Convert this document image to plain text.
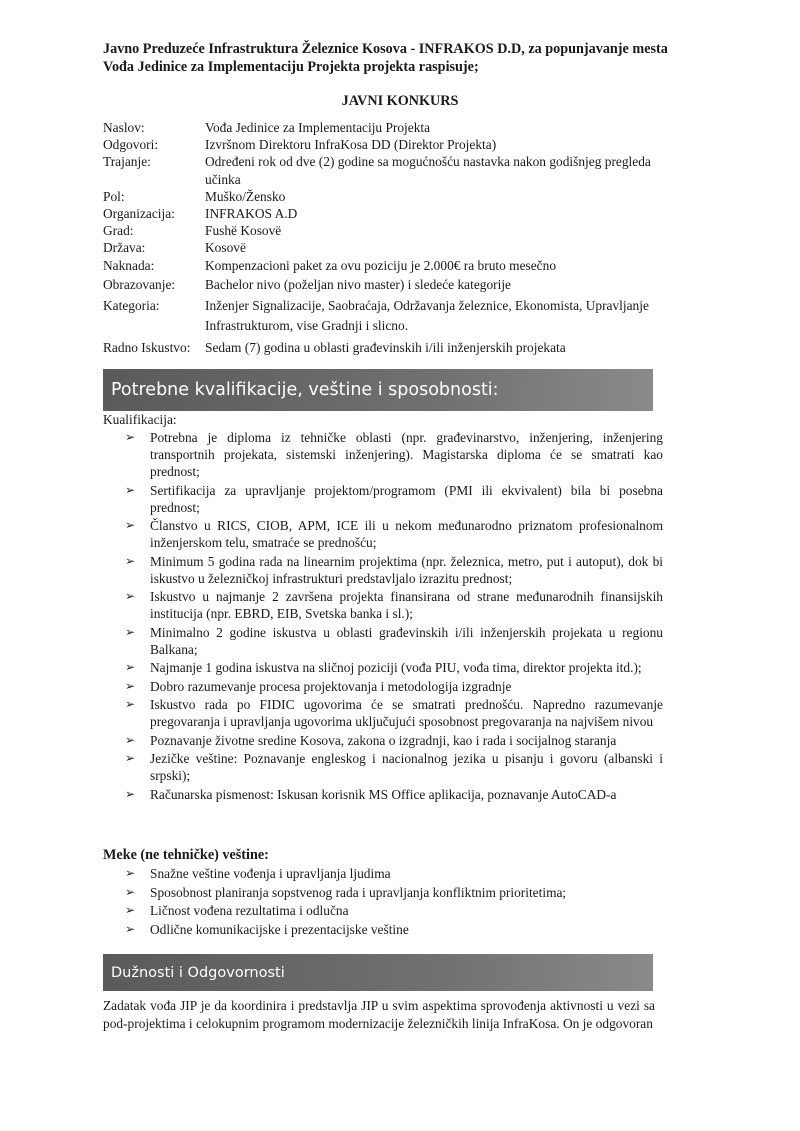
Javno Preduzeće Infrastruktura Železnice Kosova - INFRAKOS D.D, za popunjavanje mesta Vođa Jedinice za Implementaciju Projekta projekta raspisuje;
JAVNI KONKURS
Naslov:	Vođa Jedinice za Implementaciju Projekta
Odgovori:	Izvršnom Direktoru InfraKosa DD (Direktor Projekta)
Trajanje:	Određeni rok od dve (2) godine sa mogućnošću nastavka nakon godišnjeg pregleda učinka
Pol:	Muško/Žensko
Organizacija:	INFRAKOS A.D
Grad:	Fushë Kosovë
Država:	Kosovë
Naknada:	Kompenzacioni paket za ovu poziciju je 2.000€ ra bruto mesečno
Obrazovanje:	Bachelor nivo (poželjan nivo master) i sledeće kategorije
Kategoria:	Inženjer Signalizacije, Saobraćaja, Održavanja železnice, Ekonomista, Upravljanje Infrastrukturom, vise Gradnji i slicno.
Radno Iskustvo:	Sedam (7) godina u oblasti građevinskih i/ili inženjerskih projekata
Potrebne kvalifikacije, veštine i sposobnosti:
Kualifikacija:
➢ Potrebna je diploma iz tehničke oblasti (npr. građevinarstvo, inženjering, inženjering transportnih projekata, sistemski inženjering). Magistarska diploma će se smatrati kao prednost;
➢ Sertifikacija za upravljanje projektom/programom (PMI ili ekvivalent) bila bi posebna prednost;
➢ Članstvo u RICS, CIOB, APM, ICE ili u nekom međunarodno priznatom profesionalnom inženjerskom telu, smatraće se prednošću;
➢ Minimum 5 godina rada na linearnim projektima (npr. železnica, metro, put i autoput), dok bi iskustvo u železničkoj infrastrukturi predstavljalo izrazitu prednost;
➢ Iskustvo u najmanje 2 završena projekta finansirana od strane međunarodnih finansijskih institucija (npr. EBRD, EIB, Svetska banka i sl.);
➢ Minimalno 2 godine iskustva u oblasti građevinskih i/ili inženjerskih projekata u regionu Balkana;
➢ Najmanje 1 godina iskustva na sličnoj poziciji (vođa PIU, vođa tima, direktor projekta itd.);
➢ Dobro razumevanje procesa projektovanja i metodologija izgradnje
➢ Iskustvo rada po FIDIC ugovorima će se smatrati prednošću. Napredno razumevanje pregovaranja i upravljanja ugovorima uključujući sposobnost pregovaranja na najvišem nivou
➢ Poznavanje životne sredine Kosova, zakona o izgradnji, kao i rada i socijalnog staranja
➢ Jezičke veštine: Poznavanje engleskog i nacionalnog jezika u pisanju i govoru (albanski i srpski);
➢ Računarska pismenost: Iskusan korisnik MS Office aplikacija, poznavanje AutoCAD-a
Meke (ne tehničke) veštine:
➢ Snažne veštine vođenja i upravljanja ljudima
➢ Sposobnost planiranja sopstvenog rada i upravljanja konfliktnim prioritetima;
➢ Ličnost vođena rezultatima i odlučna
➢ Odlične komunikacijske i prezentacijske veštine
Dužnosti i Odgovornosti
Zadatak vođa JIP je da koordinira i predstavlja JIP u svim aspektima sprovođenja aktivnosti u vezi sa pod-projektima i celokupnim programom modernizacije železničkih linija InfraKosa. On je odgovoran
